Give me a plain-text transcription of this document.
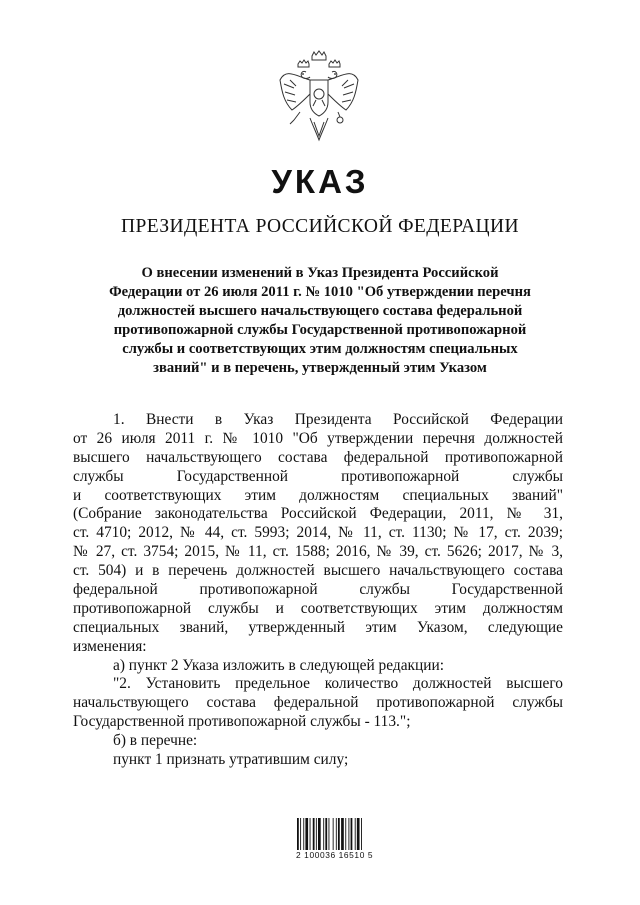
УКАЗ
ПРЕЗИДЕНТА РОССИЙСКОЙ ФЕДЕРАЦИИ
О внесении изменений в Указ Президента Российской
Федерации от 26 июля 2011 г. № 1010 "Об утверждении перечня
должностей высшего начальствующего состава федеральной
противопожарной службы Государственной противопожарной
службы и соответствующих этим должностям специальных
званий" и в перечень, утвержденный этим Указом
1. Внести в Указ Президента Российской Федерации
от 26 июля 2011 г. № 1010 "Об утверждении перечня должностей
высшего начальствующего состава федеральной противопожарной
службы Государственной противопожарной службы
и соответствующих этим должностям специальных званий"
(Собрание законодательства Российской Федерации, 2011, № 31,
ст. 4710; 2012, № 44, ст. 5993; 2014, № 11, ст. 1130; № 17, ст. 2039;
№ 27, ст. 3754; 2015, № 11, ст. 1588; 2016, № 39, ст. 5626; 2017, № 3,
ст. 504) и в перечень должностей высшего начальствующего состава
федеральной противопожарной службы Государственной
противопожарной службы и соответствующих этим должностям
специальных званий, утвержденный этим Указом, следующие
изменения:
а) пункт 2 Указа изложить в следующей редакции:
"2. Установить предельное количество должностей высшего
начальствующего состава федеральной противопожарной службы
Государственной противопожарной службы - 113.";
б) в перечне:
пункт 1 признать утратившим силу;
2 100036 16510 5
